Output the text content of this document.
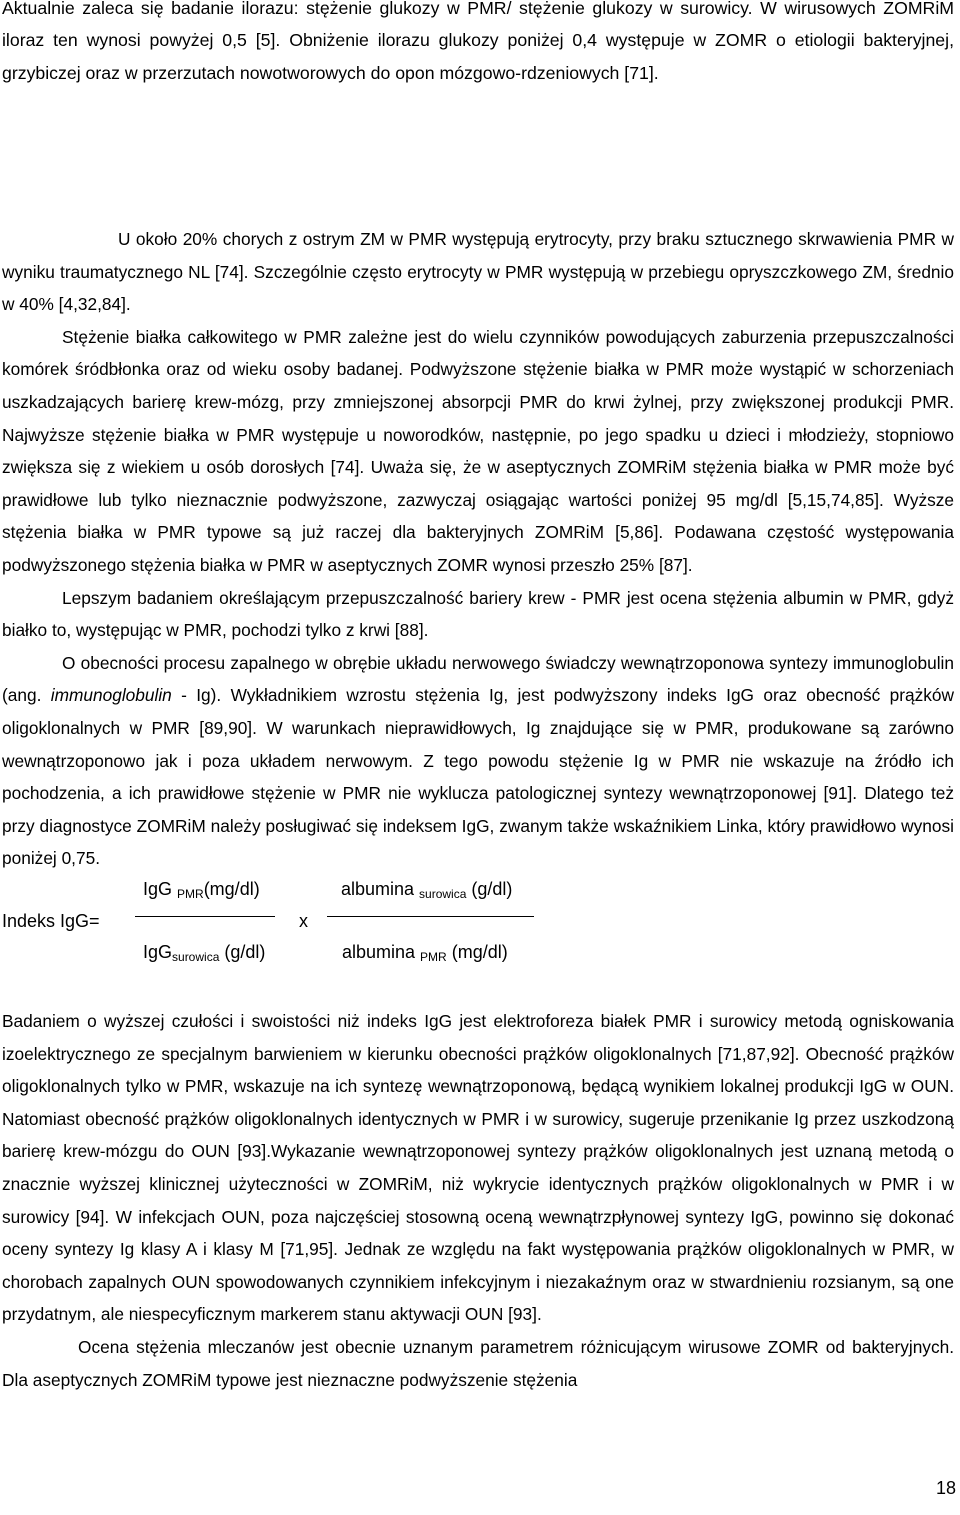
Aktualnie zaleca się badanie ilorazu: stężenie glukozy w PMR/ stężenie glukozy w surowicy. W wirusowych ZOMRiM iloraz ten wynosi powyżej 0,5 [5]. Obniżenie ilorazu glukozy poniżej 0,4 występuje w ZOMR o etiologii bakteryjnej, grzybiczej oraz w przerzutach nowotworowych do opon mózgowo-rdzeniowych [71].
U około 20% chorych z ostrym ZM w PMR występują erytrocyty, przy braku sztucznego skrwawienia PMR w wyniku traumatycznego NL [74]. Szczególnie często erytrocyty w PMR występują w przebiegu opryszczkowego ZM, średnio w 40% [4,32,84].
Stężenie białka całkowitego w PMR zależne jest do wielu czynników powodujących zaburzenia przepuszczalności komórek śródbłonka oraz od wieku osoby badanej. Podwyższone stężenie białka w PMR może wystąpić w schorzeniach uszkadzających barierę krew-mózg, przy zmniejszonej absorpcji PMR do krwi żylnej, przy zwiększonej produkcji PMR. Najwyższe stężenie białka w PMR występuje u noworodków, następnie, po jego spadku u dzieci i młodzieży, stopniowo zwiększa się z wiekiem u osób dorosłych [74]. Uważa się, że w aseptycznych ZOMRiM stężenia białka w PMR może być prawidłowe lub tylko nieznacznie podwyższone, zazwyczaj osiągając wartości poniżej 95 mg/dl [5,15,74,85]. Wyższe stężenia białka w PMR typowe są już raczej dla bakteryjnych ZOMRiM [5,86]. Podawana częstość występowania podwyższonego stężenia białka w PMR w aseptycznych ZOMR wynosi przeszło 25% [87].
Lepszym badaniem określającym przepuszczalność bariery krew - PMR jest ocena stężenia albumin w PMR, gdyż białko to, występując w PMR, pochodzi tylko z krwi [88].
O obecności procesu zapalnego w obrębie układu nerwowego świadczy wewnątrzoponowa syntezy immunoglobulin (ang. immunoglobulin - Ig). Wykładnikiem wzrostu stężenia Ig, jest podwyższony indeks IgG oraz obecność prążków oligoklonalnych w PMR [89,90]. W warunkach nieprawidłowych, Ig znajdujące się w PMR, produkowane są zarówno wewnątrzoponowo jak i poza układem nerwowym. Z tego powodu stężenie Ig w PMR nie wskazuje na źródło ich pochodzenia, a ich prawidłowe stężenie w PMR nie wyklucza patologicznej syntezy wewnątrzoponowej [91]. Dlatego też przy diagnostyce ZOMRiM należy posługiwać się indeksem IgG, zwanym także wskaźnikiem Linka, który prawidłowo wynosi poniżej 0,75.
Indeks IgG=
IgG $_{PMR}$(mg/dl)
IgG$_{surowica}$ (g/dl)
x
albumina $_{surowica}$ (g/dl)
albumina $_{PMR}$ (mg/dl)
Badaniem o wyższej czułości i swoistości niż indeks IgG jest elektroforeza białek PMR i surowicy metodą ogniskowania izoelektrycznego ze specjalnym barwieniem w kierunku obecności prążków oligoklonalnych [71,87,92]. Obecność prążków oligoklonalnych tylko w PMR, wskazuje na ich syntezę wewnątrzoponową, będącą wynikiem lokalnej produkcji IgG w OUN. Natomiast obecność prążków oligoklonalnych identycznych w PMR i w surowicy, sugeruje przenikanie Ig przez uszkodzoną barierę krew-mózgu do OUN [93].Wykazanie wewnątrzoponowej syntezy prążków oligoklonalnych jest uznaną metodą o znacznie wyższej klinicznej użyteczności w ZOMRiM, niż wykrycie identycznych prążków oligoklonalnych w PMR i w surowicy [94]. W infekcjach OUN, poza najczęściej stosowną oceną wewnątrzpłynowej syntezy IgG, powinno się dokonać oceny syntezy Ig klasy A i klasy M [71,95]. Jednak ze względu na fakt występowania prążków oligoklonalnych w PMR, w chorobach zapalnych OUN spowodowanych czynnikiem infekcyjnym i niezakaźnym oraz w stwardnieniu rozsianym, są one przydatnym, ale niespecyficznym markerem stanu aktywacji OUN [93].
Ocena stężenia mleczanów jest obecnie uznanym parametrem różnicującym wirusowe ZOMR od bakteryjnych. Dla aseptycznych ZOMRiM typowe jest nieznaczne podwyższenie stężenia
18
